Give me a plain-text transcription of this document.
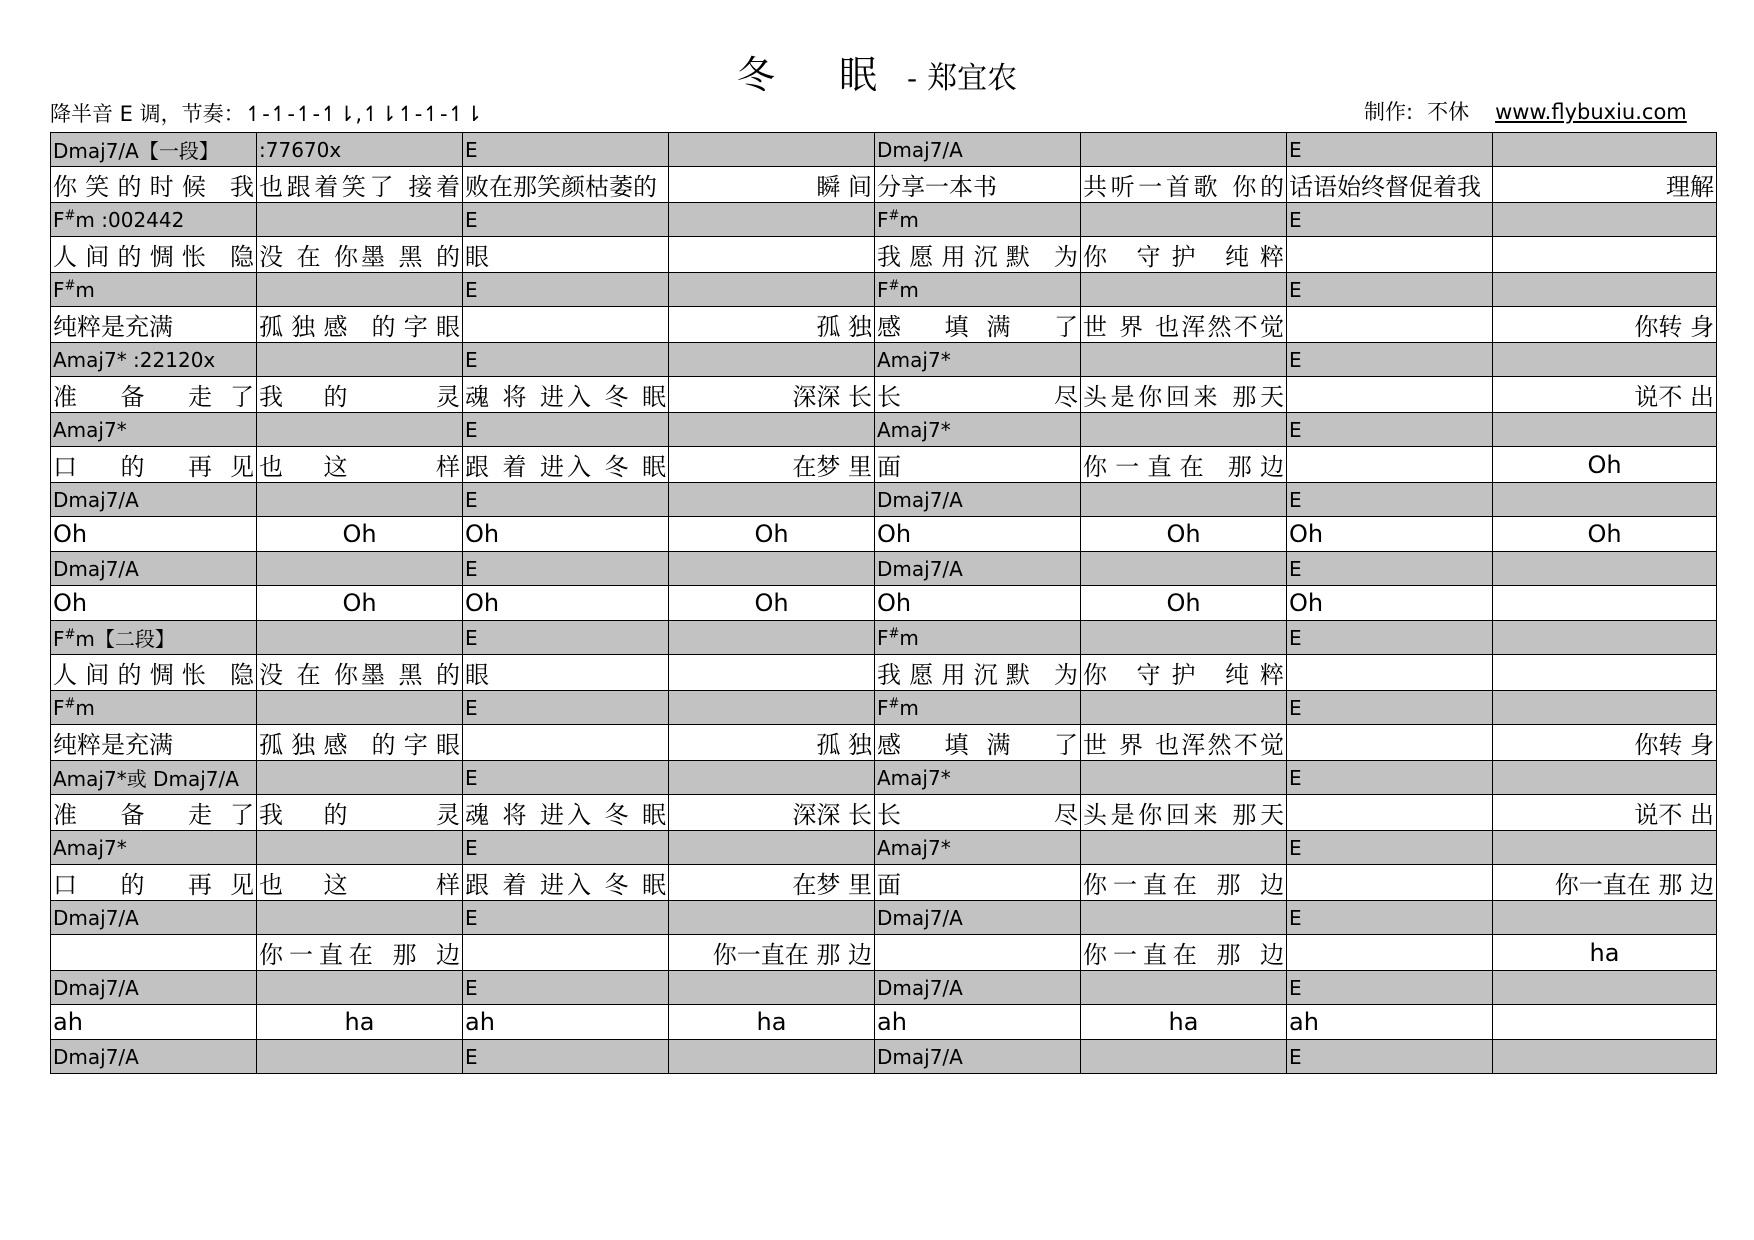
冬 眠 - 郑宜农
降半音 E 调，节奏：↿-↿-↿-↿⇂,↿⇂↿-↿-↿⇂	制作: 不休 www.flybuxiu.com
Dmaj7/A【一段】	:77670x	E		Dmaj7/A		E	
你笑的时候 我	也跟着笑了 接着	败在那笑颜枯萎的	瞬 间	分享一本书	共听一首歌 你的	话语始终督促着我	理解
F#m :002442		E		F#m		E	
人间的惆怅 隐	没 在 你墨 黑 的	眼		我愿用沉默 为	你 守护 纯粹		
F#m		E		F#m		E	
纯粹是充满	孤独感 的字眼		孤 独	感 填满 了	世 界 也浑然不觉		你转 身
Amaj7* :22120x		E		Amaj7*		E	
准 备 走了	我的 灵	魂 将 进入 冬 眠	深深 长	长 尽	头是你回来 那天		说不 出
Amaj7*		E		Amaj7*		E	
口 的 再见	也这 样	跟 着 进入 冬 眠	在梦 里	面	你一直在 那边		Oh
Dmaj7/A		E		Dmaj7/A		E	
Oh	Oh	Oh	Oh	Oh	Oh	Oh	Oh
Dmaj7/A		E		Dmaj7/A		E	
Oh	Oh	Oh	Oh	Oh	Oh	Oh	
F#m【二段】		E		F#m		E	
人间的惆怅 隐	没 在 你墨 黑 的	眼		我愿用沉默 为	你 守护 纯粹		
F#m		E		F#m		E	
纯粹是充满	孤独感 的字眼		孤 独	感 填满 了	世 界 也浑然不觉		你转 身
Amaj7*或 Dmaj7/A		E		Amaj7*		E	
准 备 走了	我的 灵	魂 将 进入 冬 眠	深深 长	长 尽	头是你回来 那天		说不 出
Amaj7*		E		Amaj7*		E	
口 的 再见	也这 样	跟 着 进入 冬 眠	在梦 里	面	你一直在 那 边		你一直在 那 边
Dmaj7/A		E		Dmaj7/A		E	
	你一直在 那 边		你一直在 那 边		你一直在 那 边		ha
Dmaj7/A		E		Dmaj7/A		E	
ah	ha	ah	ha	ah	ha	ah	
Dmaj7/A		E		Dmaj7/A		E	
